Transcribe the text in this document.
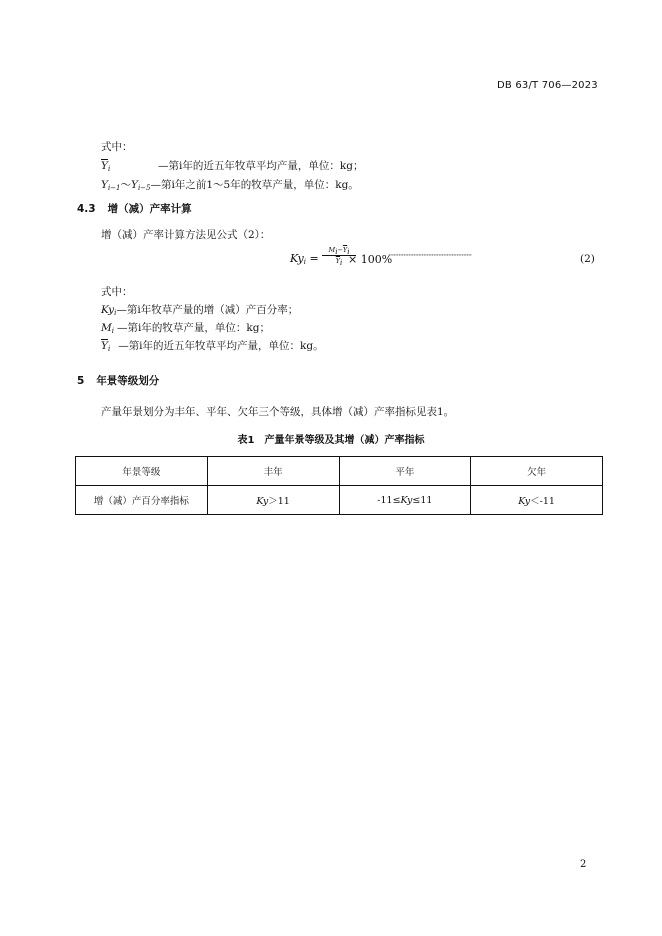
DB 63/T 706—2023
式中：
$\overline{Y}_i$	—第i年的近五年牧草平均产量，单位：kg；
$Y_{i-1}\sim Y_{i-5}—$第i年之前1～5年的牧草产量，单位：kg。
4.3 增（减）产率计算
增（减）产率计算方法见公式（2）：
$Ky_i = \frac{M_i-\overline{Y}_i}{\overline{Y}_i}$
× 100%
··················································	(2)
式中：
$Ky_i—$第i年牧草产量的增（减）产百分率；
$M_i$ —第i年的牧草产量，单位：kg；
$\overline{Y}_i$ —第i年的近五年牧草平均产量，单位：kg。
5 年景等级划分
产量年景划分为丰年、平年、欠年三个等级，具体增（减）产率指标见表1。
表1　产量年景等级及其增（减）产率指标
年景等级	丰年	平年	欠年
增（减）产百分率指标	Ky＞11	-11≤Ky≤11	Ky＜-11
2
